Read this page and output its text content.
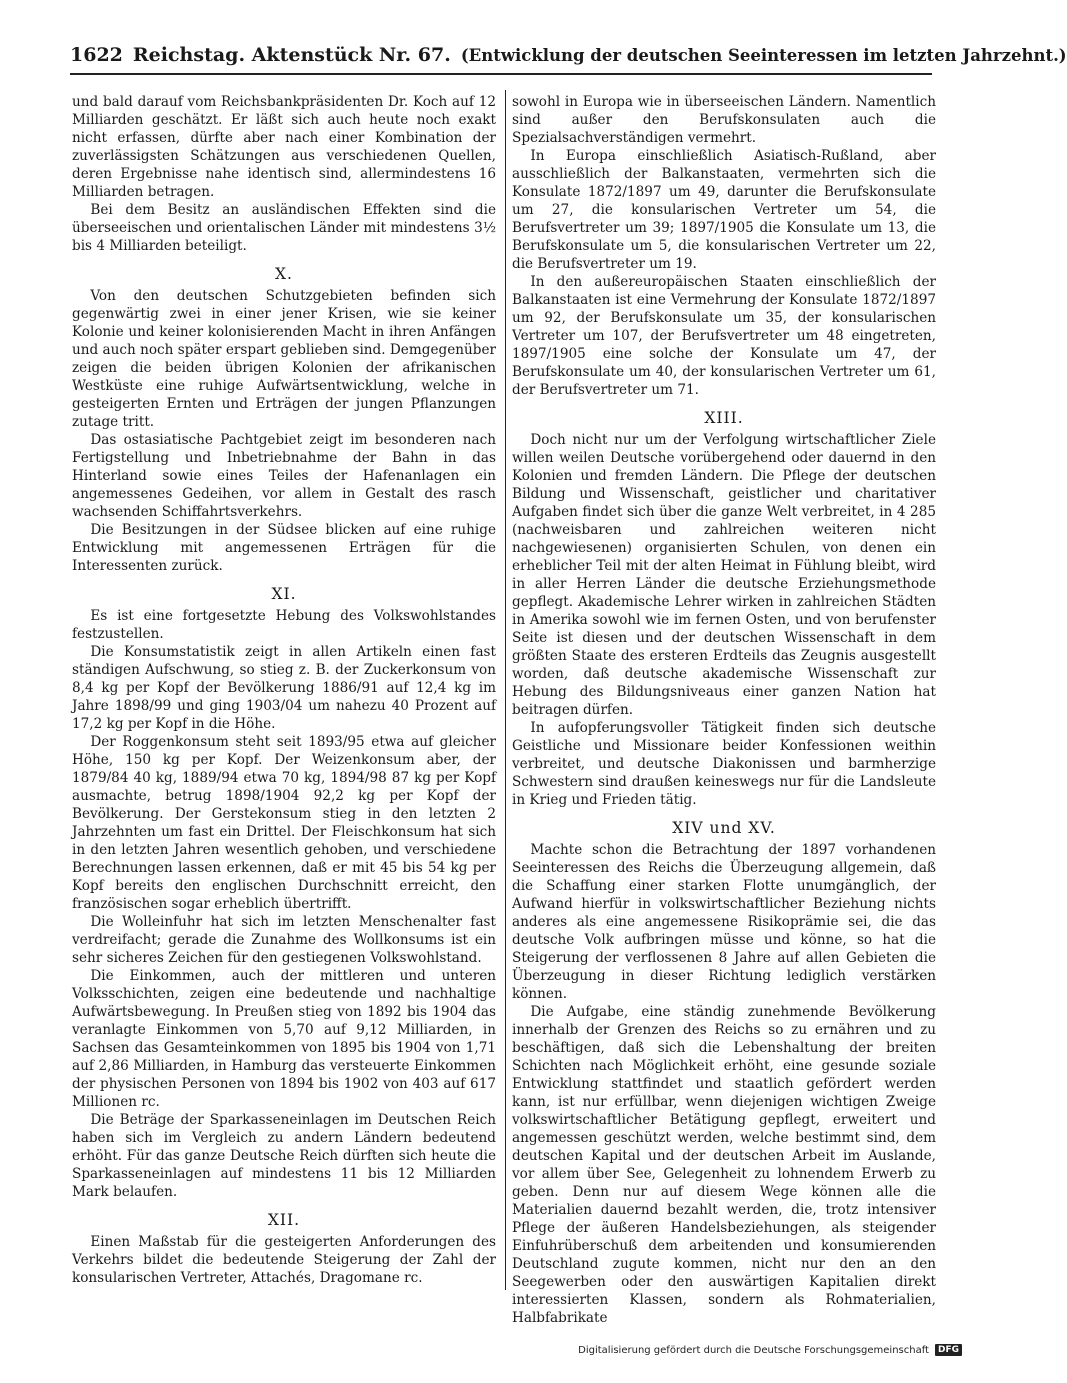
1622 Reichstag. Aktenstück Nr. 67. (Entwicklung der deutschen Seeinteressen im letzten Jahrzehnt.)

und bald darauf vom Reichsbankpräsidenten Dr. Koch auf 12 Milliarden geschätzt. Er läßt sich auch heute noch exakt nicht erfassen, dürfte aber nach einer Kombination der zuverlässigsten Schätzungen aus verschiedenen Quellen, deren Ergebnisse nahe identisch sind, allermindestens 16 Milliarden betragen.

Bei dem Besitz an ausländischen Effekten sind die überseeischen und orientalischen Länder mit mindestens 3½ bis 4 Milliarden beteiligt.

X.

Von den deutschen Schutzgebieten befinden sich gegenwärtig zwei in einer jener Krisen, wie sie keiner Kolonie und keiner kolonisierenden Macht in ihren Anfängen und auch noch später erspart geblieben sind. Demgegenüber zeigen die beiden übrigen Kolonien der afrikanischen Westküste eine ruhige Aufwärtsentwicklung, welche in gesteigerten Ernten und Erträgen der jungen Pflanzungen zutage tritt.

Das ostasiatische Pachtgebiet zeigt im besonderen nach Fertigstellung und Inbetriebnahme der Bahn in das Hinterland sowie eines Teiles der Hafenanlagen ein angemessenes Gedeihen, vor allem in Gestalt des rasch wachsenden Schiffahrtsverkehrs.

Die Besitzungen in der Südsee blicken auf eine ruhige Entwicklung mit angemessenen Erträgen für die Interessenten zurück.

XI.

Es ist eine fortgesetzte Hebung des Volkswohlstandes festzustellen.

Die Konsumstatistik zeigt in allen Artikeln einen fast ständigen Aufschwung, so stieg z. B. der Zuckerkonsum von 8,4 kg per Kopf der Bevölkerung 1886/91 auf 12,4 kg im Jahre 1898/99 und ging 1903/04 um nahezu 40 Prozent auf 17,2 kg per Kopf in die Höhe.

Der Roggenkonsum steht seit 1893/95 etwa auf gleicher Höhe, 150 kg per Kopf. Der Weizenkonsum aber, der 1879/84 40 kg, 1889/94 etwa 70 kg, 1894/98 87 kg per Kopf ausmachte, betrug 1898/1904 92,2 kg per Kopf der Bevölkerung. Der Gerstekonsum stieg in den letzten 2 Jahrzehnten um fast ein Drittel. Der Fleischkonsum hat sich in den letzten Jahren wesentlich gehoben, und verschiedene Berechnungen lassen erkennen, daß er mit 45 bis 54 kg per Kopf bereits den englischen Durchschnitt erreicht, den französischen sogar erheblich übertrifft.

Die Wolleinfuhr hat sich im letzten Menschenalter fast verdreifacht; gerade die Zunahme des Wollkonsums ist ein sehr sicheres Zeichen für den gestiegenen Volkswohlstand.

Die Einkommen, auch der mittleren und unteren Volksschichten, zeigen eine bedeutende und nachhaltige Aufwärtsbewegung. In Preußen stieg von 1892 bis 1904 das veranlagte Einkommen von 5,70 auf 9,12 Milliarden, in Sachsen das Gesamteinkommen von 1895 bis 1904 von 1,71 auf 2,86 Milliarden, in Hamburg das versteuerte Einkommen der physischen Personen von 1894 bis 1902 von 403 auf 617 Millionen rc.

Die Beträge der Sparkasseneinlagen im Deutschen Reich haben sich im Vergleich zu andern Ländern bedeutend erhöht. Für das ganze Deutsche Reich dürften sich heute die Sparkasseneinlagen auf mindestens 11 bis 12 Milliarden Mark belaufen.

XII.

Einen Maßstab für die gesteigerten Anforderungen des Verkehrs bildet die bedeutende Steigerung der Zahl der konsularischen Vertreter, Attachés, Dragomane rc.

sowohl in Europa wie in überseeischen Ländern. Namentlich sind außer den Berufskonsulaten auch die Spezialsachverständigen vermehrt.

In Europa einschließlich Asiatisch-Rußland, aber ausschließlich der Balkanstaaten, vermehrten sich die Konsulate 1872/1897 um 49, darunter die Berufskonsulate um 27, die konsularischen Vertreter um 54, die Berufsvertreter um 39; 1897/1905 die Konsulate um 13, die Berufskonsulate um 5, die konsularischen Vertreter um 22, die Berufsvertreter um 19.

In den außereuropäischen Staaten einschließlich der Balkanstaaten ist eine Vermehrung der Konsulate 1872/1897 um 92, der Berufskonsulate um 35, der konsularischen Vertreter um 107, der Berufsvertreter um 48 eingetreten, 1897/1905 eine solche der Konsulate um 47, der Berufskonsulate um 40, der konsularischen Vertreter um 61, der Berufsvertreter um 71.

XIII.

Doch nicht nur um der Verfolgung wirtschaftlicher Ziele willen weilen Deutsche vorübergehend oder dauernd in den Kolonien und fremden Ländern. Die Pflege der deutschen Bildung und Wissenschaft, geistlicher und charitativer Aufgaben findet sich über die ganze Welt verbreitet, in 4 285 (nachweisbaren und zahlreichen weiteren nicht nachgewiesenen) organisierten Schulen, von denen ein erheblicher Teil mit der alten Heimat in Fühlung bleibt, wird in aller Herren Länder die deutsche Erziehungsmethode gepflegt. Akademische Lehrer wirken in zahlreichen Städten in Amerika sowohl wie im fernen Osten, und von berufenster Seite ist diesen und der deutschen Wissenschaft in dem größten Staate des ersteren Erdteils das Zeugnis ausgestellt worden, daß deutsche akademische Wissenschaft zur Hebung des Bildungsniveaus einer ganzen Nation hat beitragen dürfen.

In aufopferungsvoller Tätigkeit finden sich deutsche Geistliche und Missionare beider Konfessionen weithin verbreitet, und deutsche Diakonissen und barmherzige Schwestern sind draußen keineswegs nur für die Landsleute in Krieg und Frieden tätig.

XIV und XV.

Machte schon die Betrachtung der 1897 vorhandenen Seeinteressen des Reichs die Überzeugung allgemein, daß die Schaffung einer starken Flotte unumgänglich, der Aufwand hierfür in volkswirtschaftlicher Beziehung nichts anderes als eine angemessene Risikoprämie sei, die das deutsche Volk aufbringen müsse und könne, so hat die Steigerung der verflossenen 8 Jahre auf allen Gebieten die Überzeugung in dieser Richtung lediglich verstärken können.

Die Aufgabe, eine ständig zunehmende Bevölkerung innerhalb der Grenzen des Reichs so zu ernähren und zu beschäftigen, daß sich die Lebenshaltung der breiten Schichten nach Möglichkeit erhöht, eine gesunde soziale Entwicklung stattfindet und staatlich gefördert werden kann, ist nur erfüllbar, wenn diejenigen wichtigen Zweige volkswirtschaftlicher Betätigung gepflegt, erweitert und angemessen geschützt werden, welche bestimmt sind, dem deutschen Kapital und der deutschen Arbeit im Auslande, vor allem über See, Gelegenheit zu lohnendem Erwerb zu geben. Denn nur auf diesem Wege können alle die Materialien dauernd bezahlt werden, die, trotz intensiver Pflege der äußeren Handelsbeziehungen, als steigender Einfuhrüberschuß dem arbeitenden und konsumierenden Deutschland zugute kommen, nicht nur den an den Seegewerben oder den auswärtigen Kapitalien direkt interessierten Klassen, sondern als Rohmaterialien, Halbfabrikate

Digitalisierung gefördert durch die Deutsche Forschungsgemeinschaft	DFG
